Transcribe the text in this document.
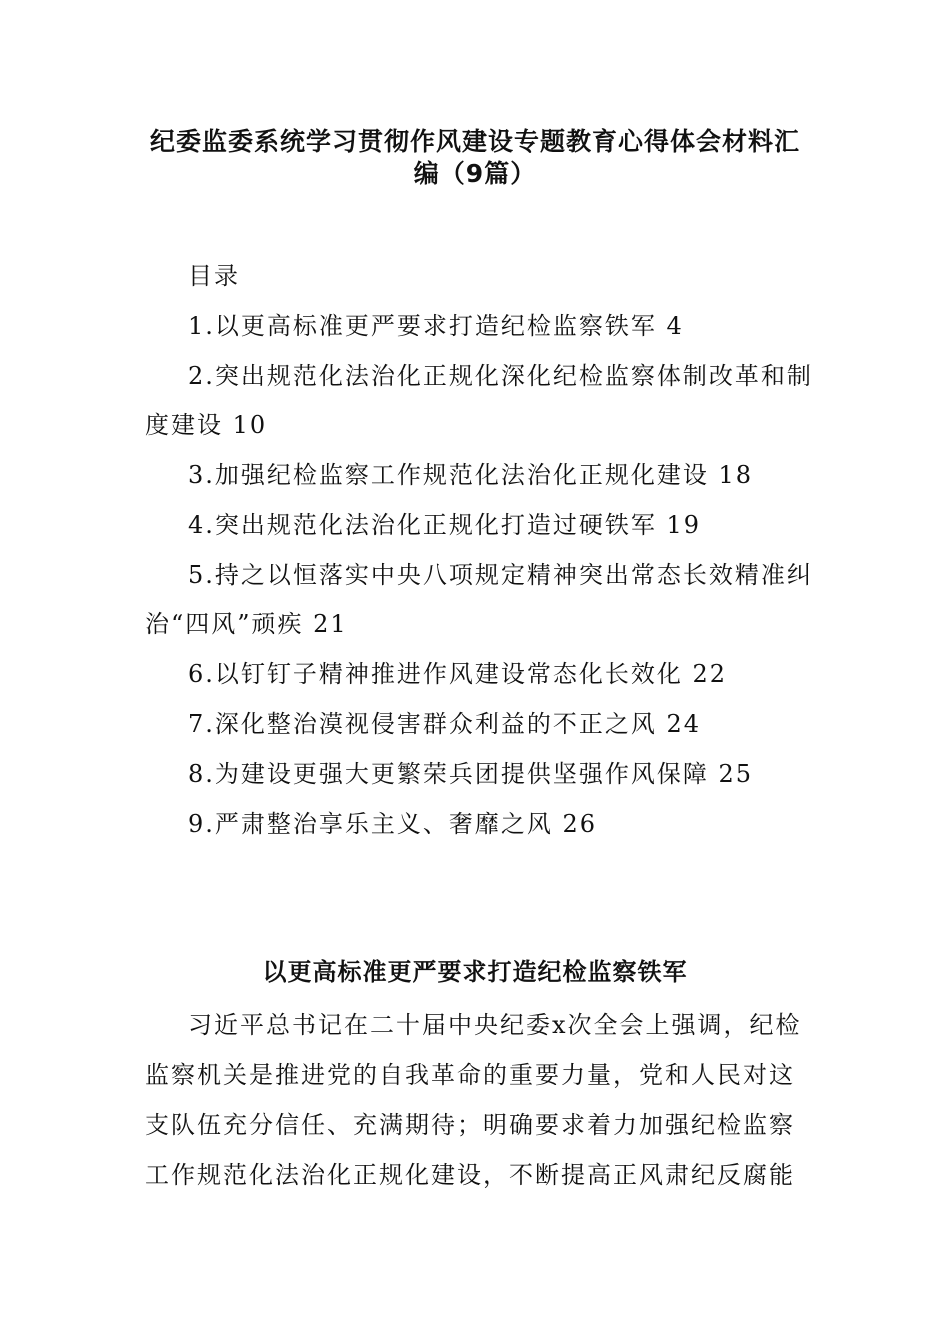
纪委监委系统学习贯彻作风建设专题教育心得体会材料汇
编（9篇）
目录
1.以更高标准更严要求打造纪检监察铁军 4
2.突出规范化法治化正规化深化纪检监察体制改革和制
度建设 10
3.加强纪检监察工作规范化法治化正规化建设 18
4.突出规范化法治化正规化打造过硬铁军 19
5.持之以恒落实中央八项规定精神突出常态长效精准纠
治“四风”顽疾 21
6.以钉钉子精神推进作风建设常态化长效化 22
7.深化整治漠视侵害群众利益的不正之风 24
8.为建设更强大更繁荣兵团提供坚强作风保障 25
9.严肃整治享乐主义、奢靡之风 26
以更高标准更严要求打造纪检监察铁军
习近平总书记在二十届中央纪委x次全会上强调，纪检
监察机关是推进党的自我革命的重要力量，党和人民对这
支队伍充分信任、充满期待；明确要求着力加强纪检监察
工作规范化法治化正规化建设，不断提高正风肃纪反腐能
